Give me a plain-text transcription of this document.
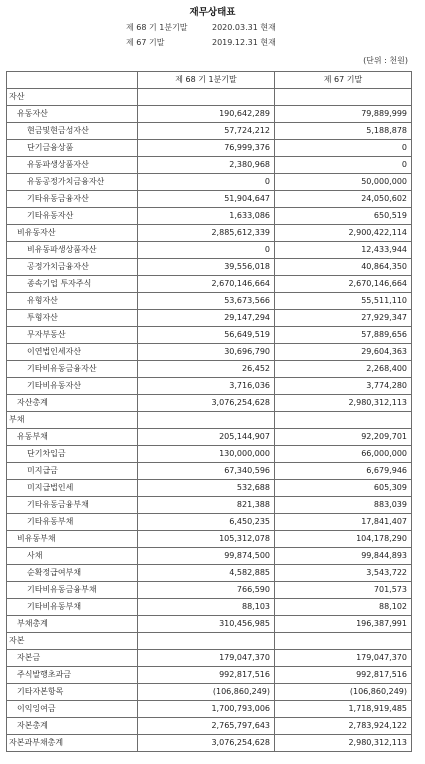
재무상태표
제 68 기 1분기말	2020.03.31 현재
제 67 기말	2019.12.31 현재
(단위 : 천원)
	제 68 기 1분기말	제 67 기말
자산		
유동자산	190,642,289	79,889,999
현금및현금성자산	57,724,212	5,188,878
단기금융상품	76,999,376	0
유동파생상품자산	2,380,968	0
유동공정가치금융자산	0	50,000,000
기타유동금융자산	51,904,647	24,050,602
기타유동자산	1,633,086	650,519
비유동자산	2,885,612,339	2,900,422,114
비유동파생상품자산	0	12,433,944
공정가치금융자산	39,556,018	40,864,350
종속기업 투자주식	2,670,146,664	2,670,146,664
유형자산	53,673,566	55,511,110
투형자산	29,147,294	27,929,347
무자부동산	56,649,519	57,889,656
이연법인세자산	30,696,790	29,604,363
기타비유동금융자산	26,452	2,268,400
기타비유동자산	3,716,036	3,774,280
자산총계	3,076,254,628	2,980,312,113
부채		
유동부채	205,144,907	92,209,701
단기차입금	130,000,000	66,000,000
미지급금	67,340,596	6,679,946
미지급법인세	532,688	605,309
기타유동금융부채	821,388	883,039
기타유동부채	6,450,235	17,841,407
비유동부채	105,312,078	104,178,290
사채	99,874,500	99,844,893
순확정급여부채	4,582,885	3,543,722
기타비유동금융부채	766,590	701,573
기타비유동부채	88,103	88,102
부채총계	310,456,985	196,387,991
자본		
자본금	179,047,370	179,047,370
주식발행초과금	992,817,516	992,817,516
기타자본항목	(106,860,249)	(106,860,249)
이익잉여금	1,700,793,006	1,718,919,485
자본총계	2,765,797,643	2,783,924,122
자본과부채총계	3,076,254,628	2,980,312,113
